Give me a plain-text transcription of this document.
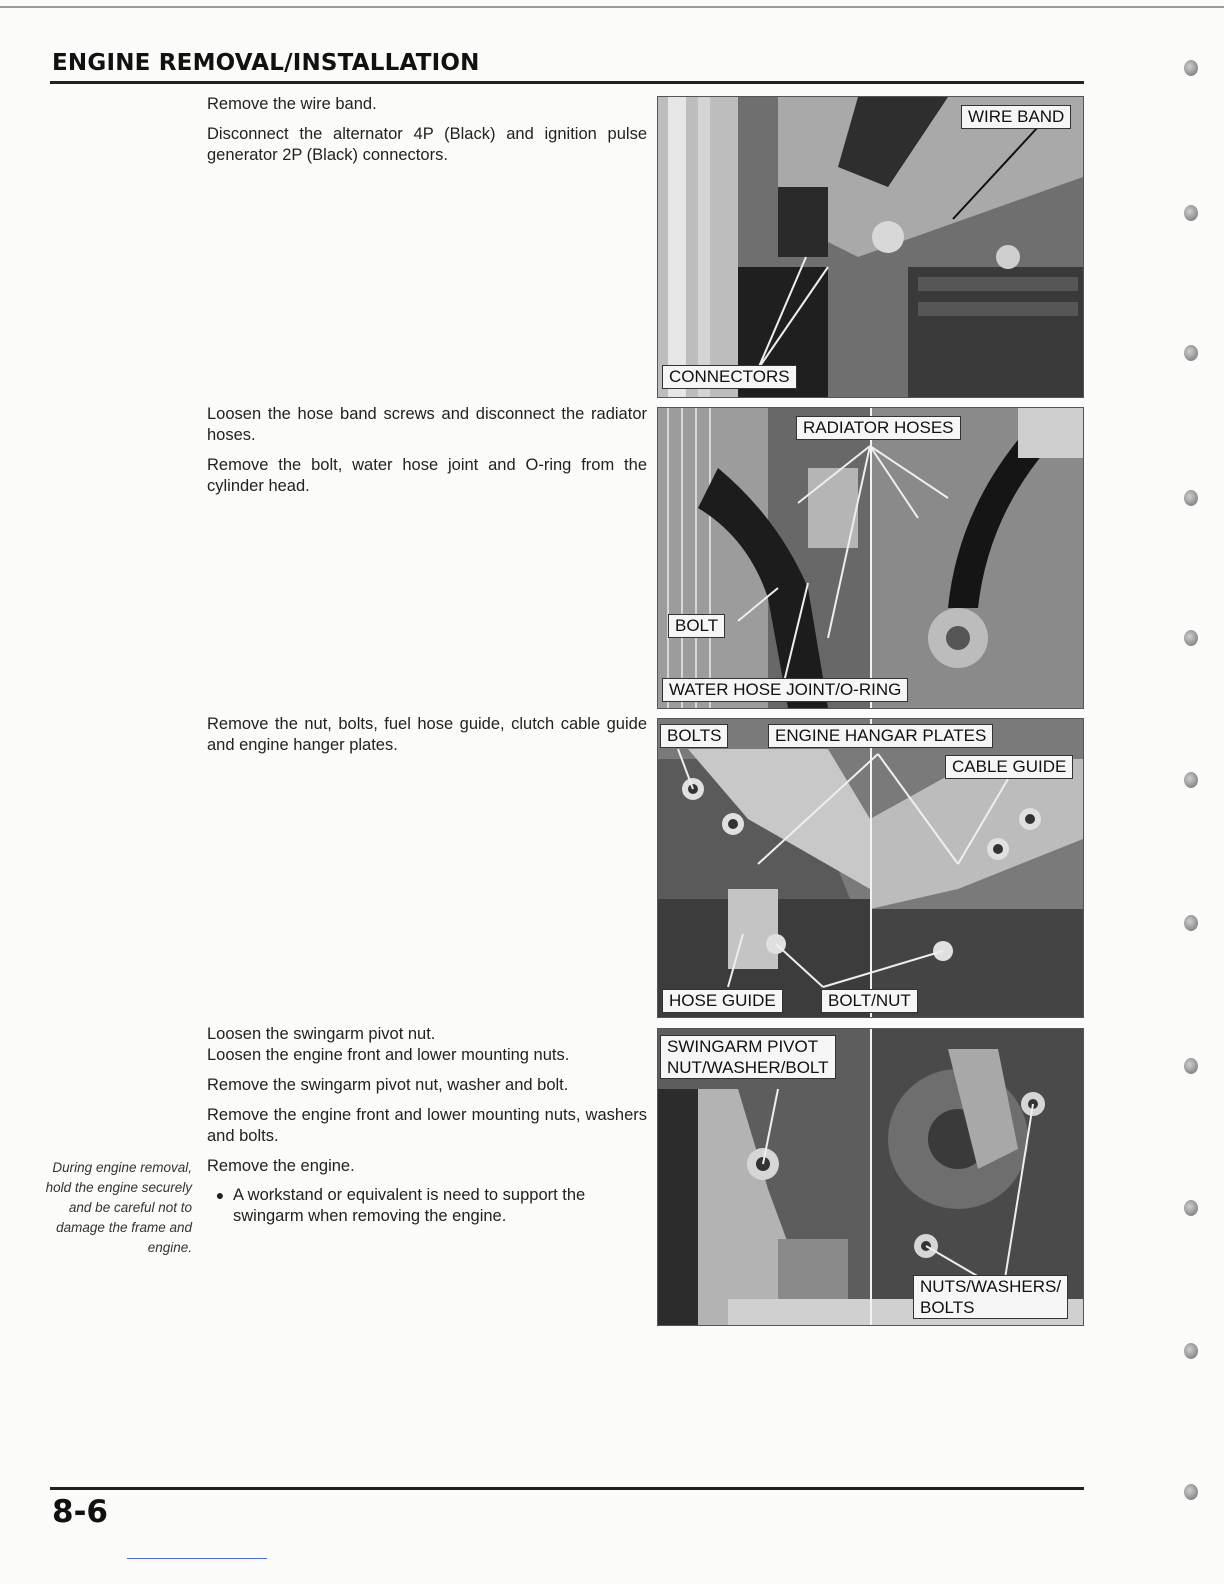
ENGINE REMOVAL/INSTALLATION

Remove the wire band.

Disconnect the alternator 4P (Black) and ignition pulse generator 2P (Black) connectors.

Loosen the hose band screws and disconnect the radiator hoses.

Remove the bolt, water hose joint and O-ring from the cylinder head.

Remove the nut, bolts, fuel hose guide, clutch cable guide and engine hanger plates.

Loosen the swingarm pivot nut.

Loosen the engine front and lower mounting nuts.

Remove the swingarm pivot nut, washer and bolt.

Remove the engine front and lower mounting nuts, washers and bolts.

Remove the engine.

● A workstand or equivalent is need to support the swingarm when removing the engine.
During engine removal, hold the engine securely and be careful not to damage the frame and engine.
WIRE BAND
CONNECTORS
RADIATOR HOSES
BOLT
WATER HOSE JOINT/O-RING
BOLTS	ENGINE HANGAR PLATES
CABLE GUIDE
HOSE GUIDE	BOLT/NUT
SWINGARM PIVOT
NUT/WASHER/BOLT
NUTS/WASHERS/
BOLTS
8-6
